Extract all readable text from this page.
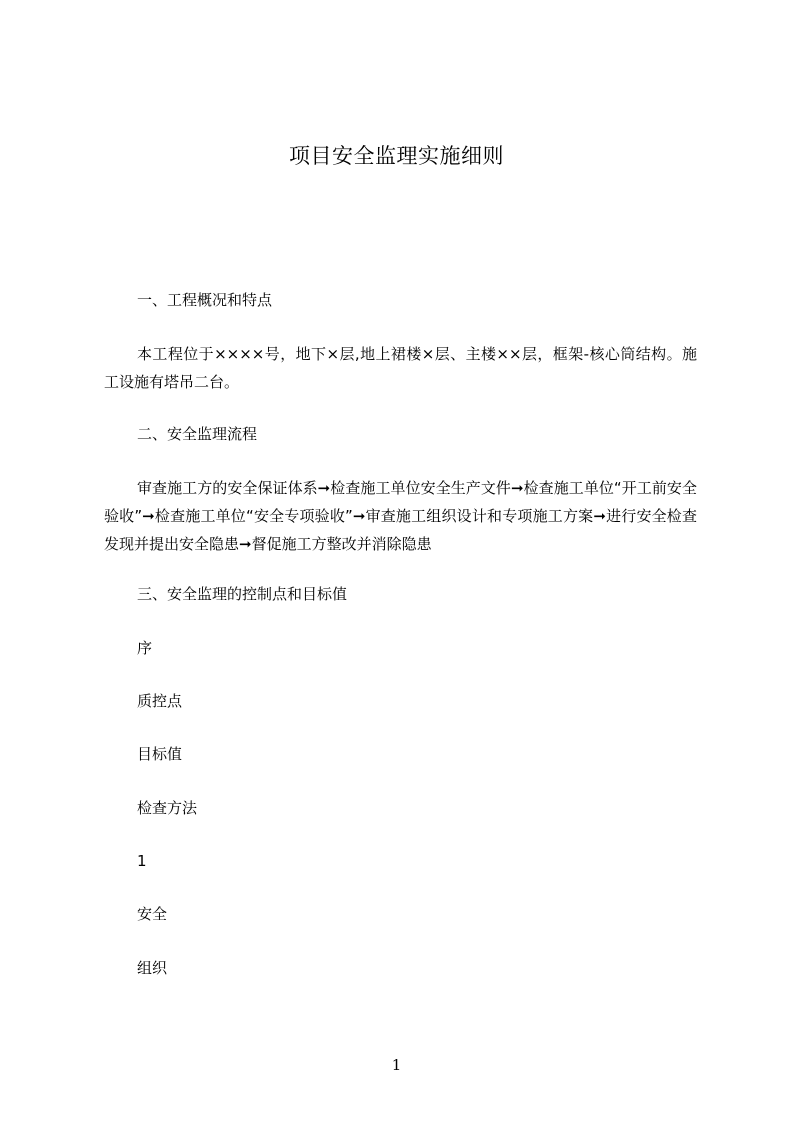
项目安全监理实施细则
一、工程概况和特点

本工程位于××××号，地下×层,地上裙楼×层、主楼××层，框架-核心筒结构。施工设施有塔吊二台。

二、安全监理流程

审查施工方的安全保证体系➞检查施工单位安全生产文件➞检查施工单位“开工前安全验收”➞检查施工单位“安全专项验收”➞审查施工组织设计和专项施工方案➞进行安全检查发现并提出安全隐患➞督促施工方整改并消除隐患

三、安全监理的控制点和目标值
序
质控点
目标值
检查方法
1
安全
组织
1
